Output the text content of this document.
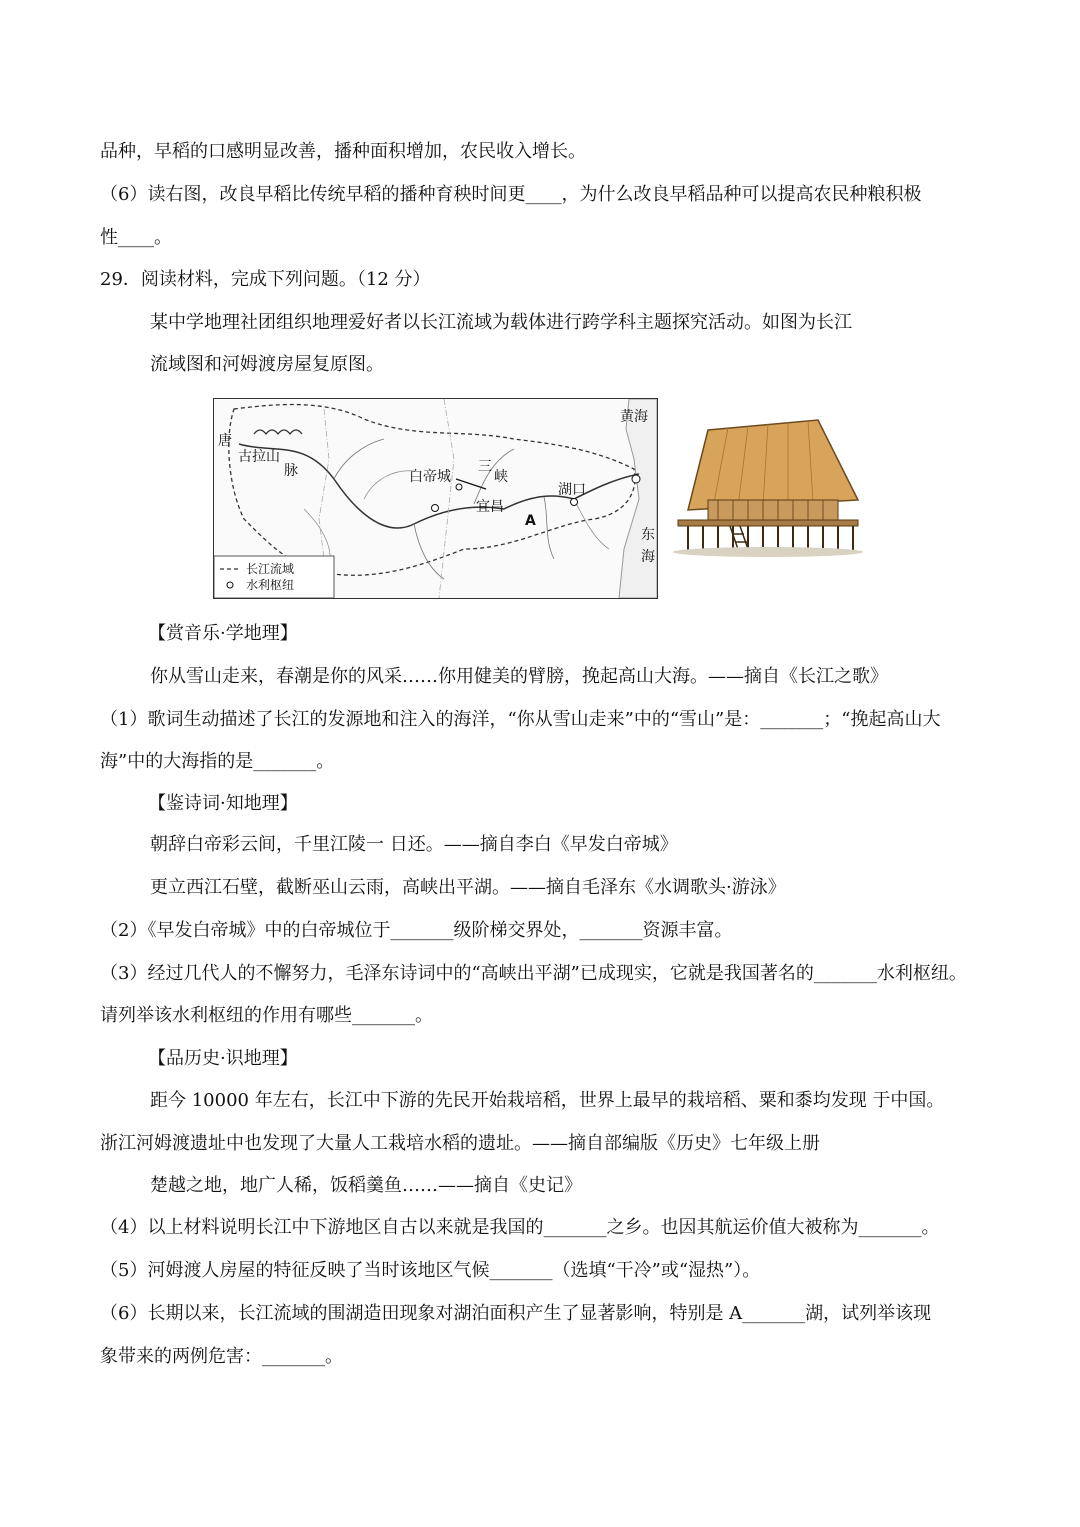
品种，早稻的口感明显改善，播种面积增加，农民收入增长。
（6）读右图，改良早稻比传统早稻的播种育秧时间更____，为什么改良早稻品种可以提高农民种粮积极
性____。
29．阅读材料，完成下列问题。（12 分）
某中学地理社团组织地理爱好者以长江流域为载体进行跨学科主题探究活动。如图为长江
流域图和河姆渡房屋复原图。
黄海
唐
古拉山
脉	白帝城
三
峡
宜昌
湖口
A
东
海
长江流域
水利枢纽
【赏音乐·学地理】
你从雪山走来，春潮是你的风采……你用健美的臂膀，挽起高山大海。——摘自《长江之歌》
（1）歌词生动描述了长江的发源地和注入的海洋，“你从雪山走来”中的“雪山”是：_______；“挽起高山大
海”中的大海指的是_______。
【鉴诗词·知地理】
朝辞白帝彩云间，千里江陵一 日还。——摘自李白《早发白帝城》
更立西江石壁，截断巫山云雨，高峡出平湖。——摘自毛泽东《水调歌头·游泳》
（2）《早发白帝城》中的白帝城位于_______级阶梯交界处，_______资源丰富。
（3）经过几代人的不懈努力，毛泽东诗词中的“高峡出平湖”已成现实，它就是我国著名的_______水利枢纽。
请列举该水利枢纽的作用有哪些_______。
【品历史·识地理】
距今 10000 年左右，长江中下游的先民开始栽培稻，世界上最早的栽培稻、粟和黍均发现 于中国。
浙江河姆渡遗址中也发现了大量人工栽培水稻的遗址。——摘自部编版《历史》七年级上册
楚越之地，地广人稀，饭稻羹鱼……——摘自《史记》
（4）以上材料说明长江中下游地区自古以来就是我国的_______之乡。也因其航运价值大被称为_______。
（5）河姆渡人房屋的特征反映了当时该地区气候_______（选填“干冷”或“湿热”）。
（6）长期以来，长江流域的围湖造田现象对湖泊面积产生了显著影响，特别是 A_______湖，试列举该现
象带来的两例危害：_______。
